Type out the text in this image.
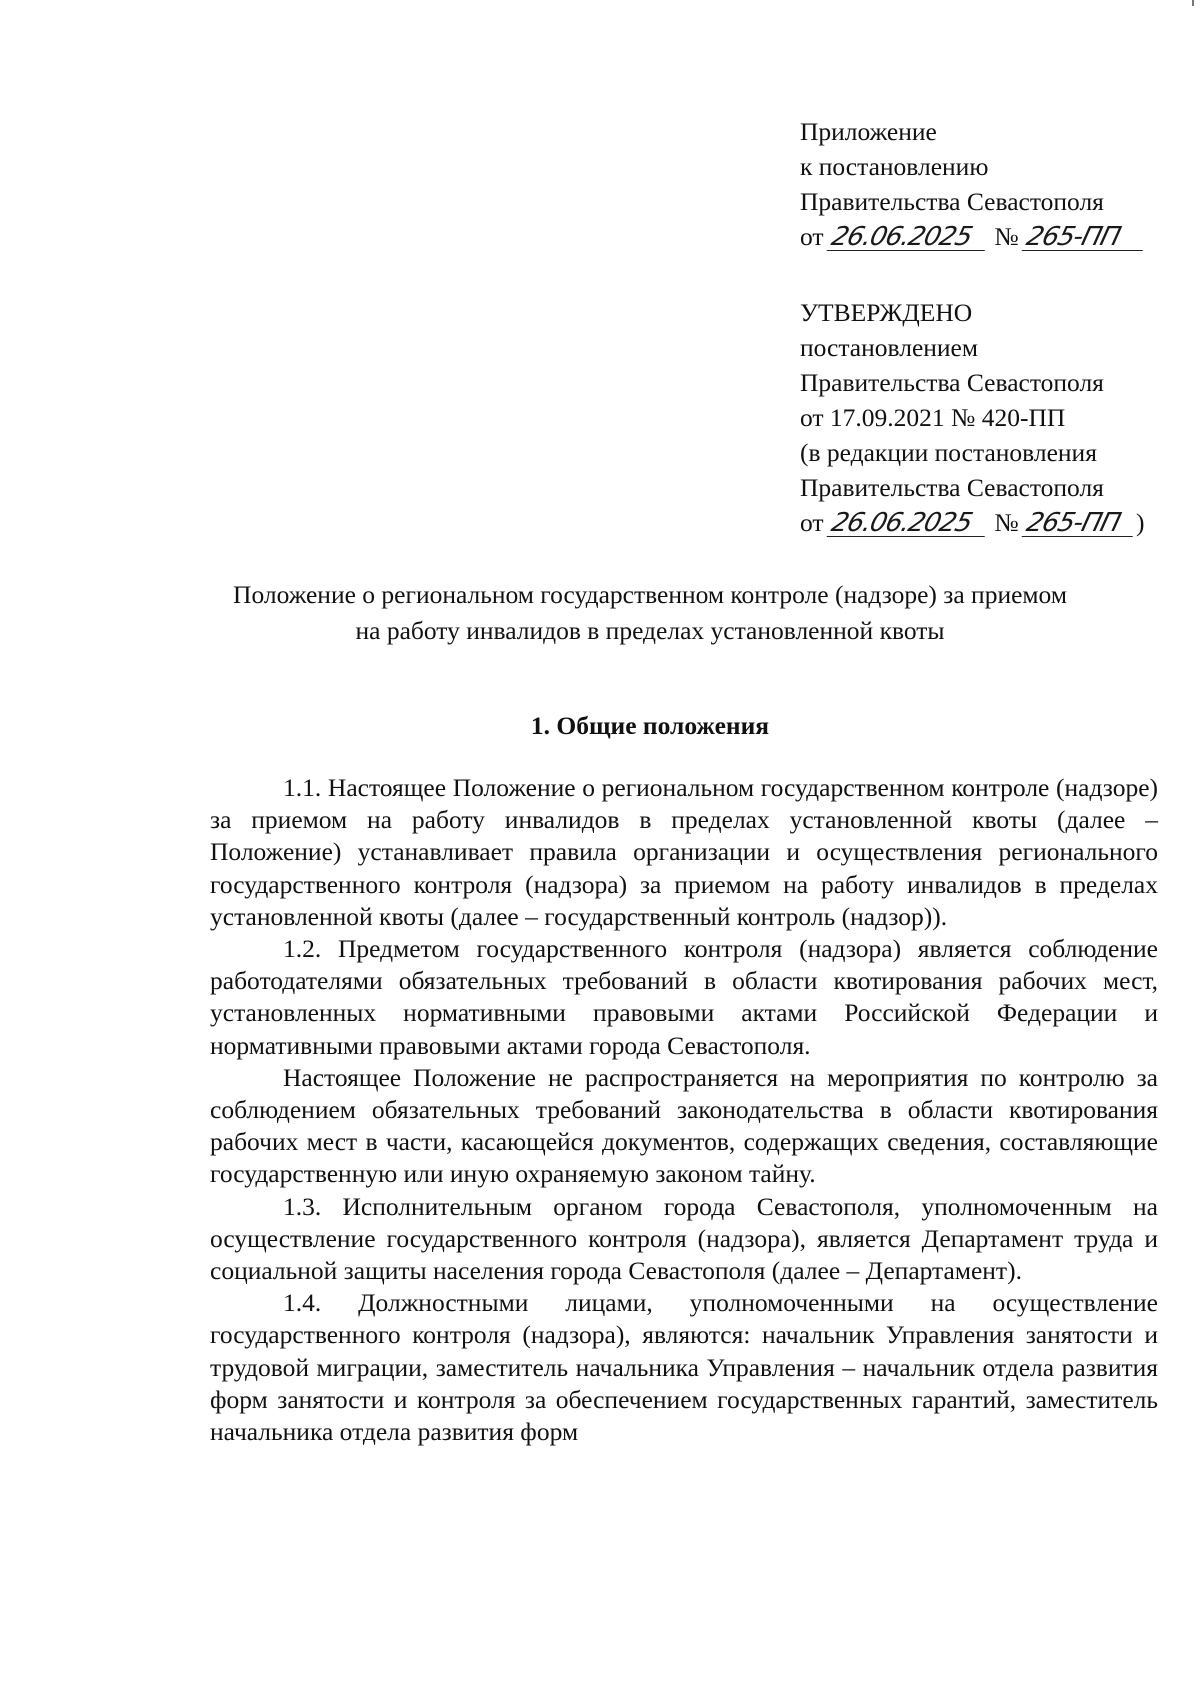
Приложение
к постановлению
Правительства Севастополя
от 26.06.2025 № 265-ПП
УТВЕРЖДЕНО
постановлением
Правительства Севастополя
от 17.09.2021 № 420-ПП
(в редакции постановления
Правительства Севастополя
от 26.06.2025 № 265-ПП )
Положение о региональном государственном контроле (надзоре) за приемом
на работу инвалидов в пределах установленной квоты
1. Общие положения

1.1. Настоящее Положение о региональном государственном контроле (надзоре) за приемом на работу инвалидов в пределах установленной квоты (далее – Положение) устанавливает правила организации и осуществления регионального государственного контроля (надзора) за приемом на работу инвалидов в пределах установленной квоты (далее – государственный контроль (надзор)).

1.2. Предметом государственного контроля (надзора) является соблюдение работодателями обязательных требований в области квотирования рабочих мест, установленных нормативными правовыми актами Российской Федерации и нормативными правовыми актами города Севастополя.

Настоящее Положение не распространяется на мероприятия по контролю за соблюдением обязательных требований законодательства в области квотирования рабочих мест в части, касающейся документов, содержащих сведения, составляющие государственную или иную охраняемую законом тайну.

1.3. Исполнительным органом города Севастополя, уполномоченным на осуществление государственного контроля (надзора), является Департамент труда и социальной защиты населения города Севастополя (далее – Департамент).

1.4. Должностными лицами, уполномоченными на осуществление государственного контроля (надзора), являются: начальник Управления занятости и трудовой миграции, заместитель начальника Управления – начальник отдела развития форм занятости и контроля за обеспечением государственных гарантий, заместитель начальника отдела развития форм
